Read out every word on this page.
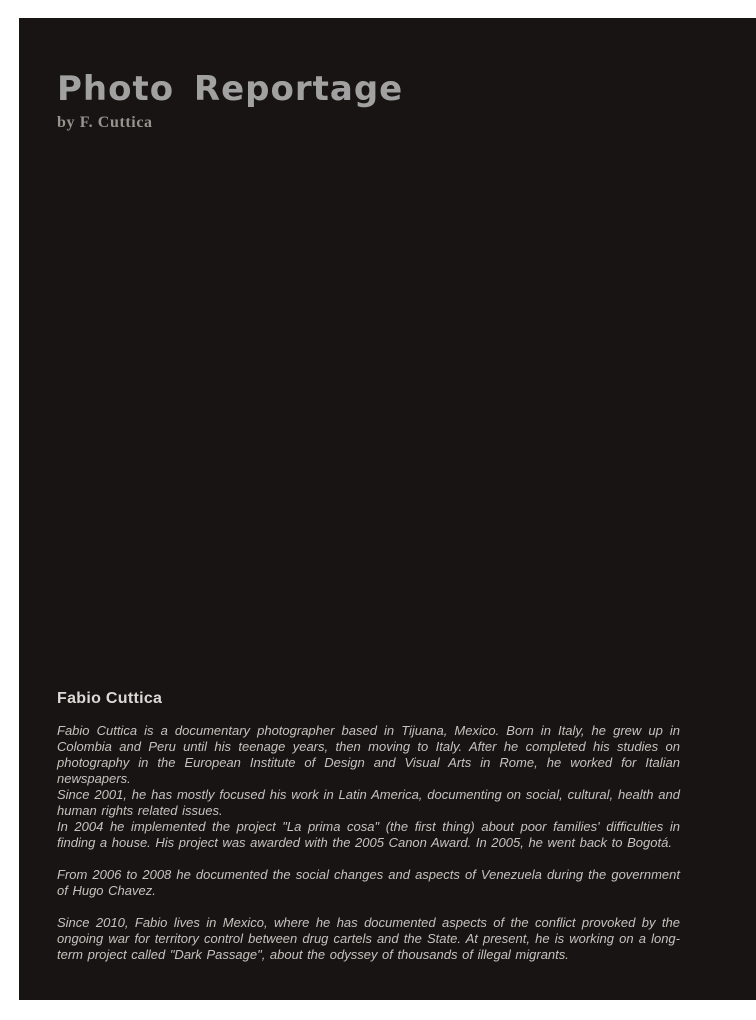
Photo Reportage
by F. Cuttica
Fabio Cuttica

Fabio Cuttica is a documentary photographer based in Tijuana, Mexico. Born in Italy, he grew up in Colombia and Peru until his teenage years, then moving to Italy. After he completed his studies on photography in the European Institute of Design and Visual Arts in Rome, he worked for Italian newspapers.

Since 2001, he has mostly focused his work in Latin America, documenting on social, cultural, health and human rights related issues.

In 2004 he implemented the project "La prima cosa" (the first thing) about poor families' difficulties in finding a house. His project was awarded with the 2005 Canon Award. In 2005, he went back to Bogotá.

From 2006 to 2008 he documented the social changes and aspects of Venezuela during the government of Hugo Chavez.

Since 2010, Fabio lives in Mexico, where he has documented aspects of the conflict provoked by the ongoing war for territory control between drug cartels and the State. At present, he is working on a long-term project called "Dark Passage", about the odyssey of thousands of illegal migrants.
